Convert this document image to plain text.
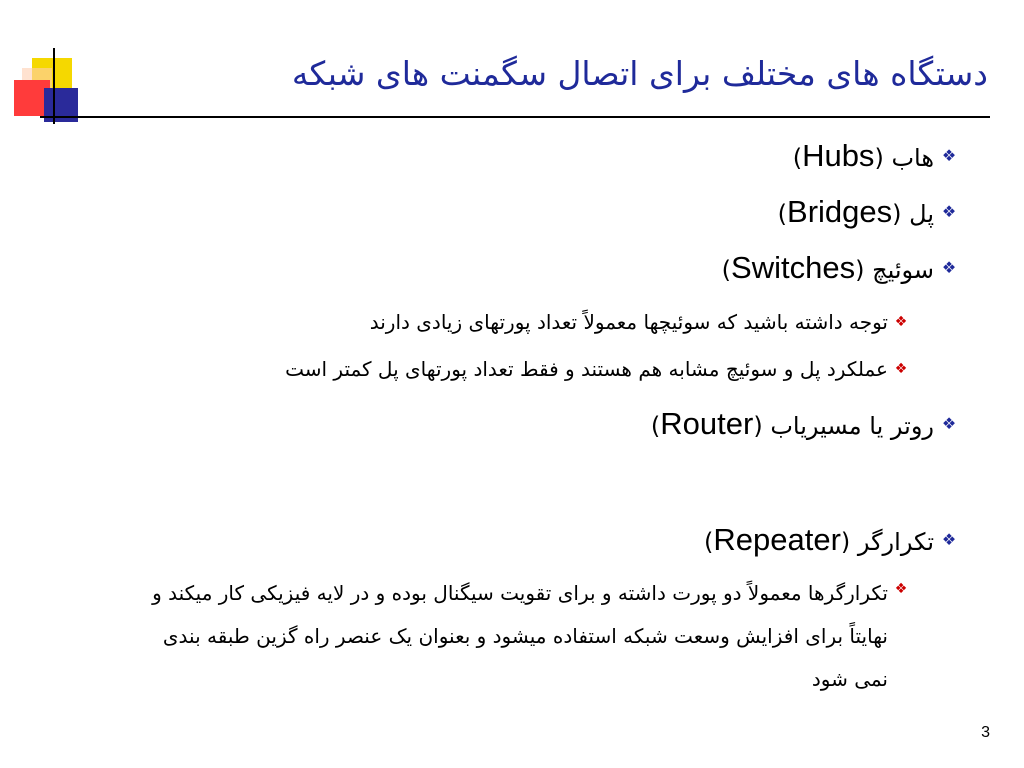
دستگاه های مختلف برای اتصال سگمنت های شبکه
❖
هاب (Hubs)
❖
پل (Bridges)
❖
سوئیچ (Switches)
❖
توجه داشته باشید که سوئیچها معمولاً تعداد پورتهای زیادی دارند
❖
عملکرد پل و سوئیچ مشابه هم هستند و فقط تعداد پورتهای پل کمتر است
❖
روتر یا مسیریاب (Router)
❖
تکرارگر (Repeater)
❖

تکرارگرها معمولاً دو پورت داشته و برای تقویت سیگنال بوده و در لایه فیزیکی کار میکند و

نهایتاً برای افزایش وسعت شبکه استفاده میشود و بعنوان یک عنصر راه گزین طبقه بندی

نمی شود

3
